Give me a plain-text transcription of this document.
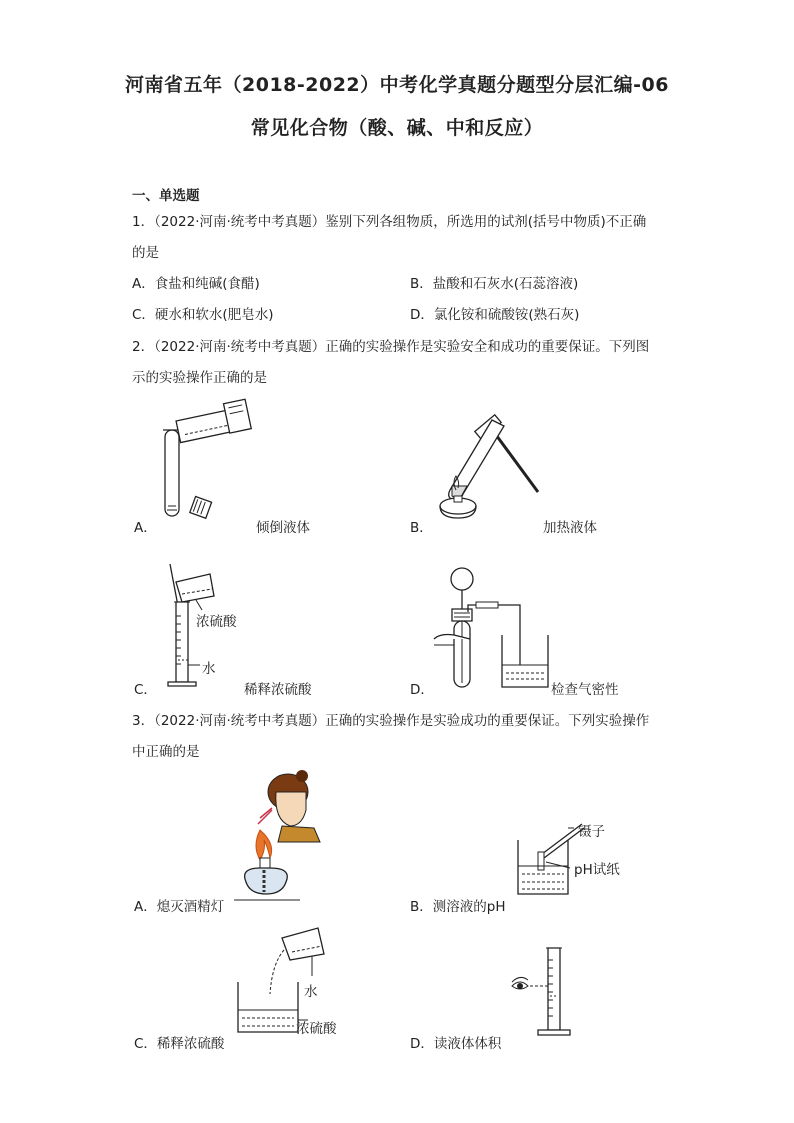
河南省五年（2018-2022）中考化学真题分题型分层汇编-06
常见化合物（酸、碱、中和反应）
一、单选题
1．（2022·河南·统考中考真题）鉴别下列各组物质，所选用的试剂(括号中物质)不正确
的是
A．食盐和纯碱(食醋)	B．盐酸和石灰水(石蕊溶液)
C．硬水和软水(肥皂水)	D．氯化铵和硫酸铵(熟石灰)
2．（2022·河南·统考中考真题）正确的实验操作是实验安全和成功的重要保证。下列图
示的实验操作正确的是
A．	倾倒液体	B．	加热液体
浓硫酸
水
C．	稀释浓硫酸	D．	检查气密性
3．（2022·河南·统考中考真题）正确的实验操作是实验成功的重要保证。下列实验操作
中正确的是
A．熄灭酒精灯
镊子
pH试纸
B．测溶液的pH
水
浓硫酸
C．稀释浓硫酸	D．读液体体积
